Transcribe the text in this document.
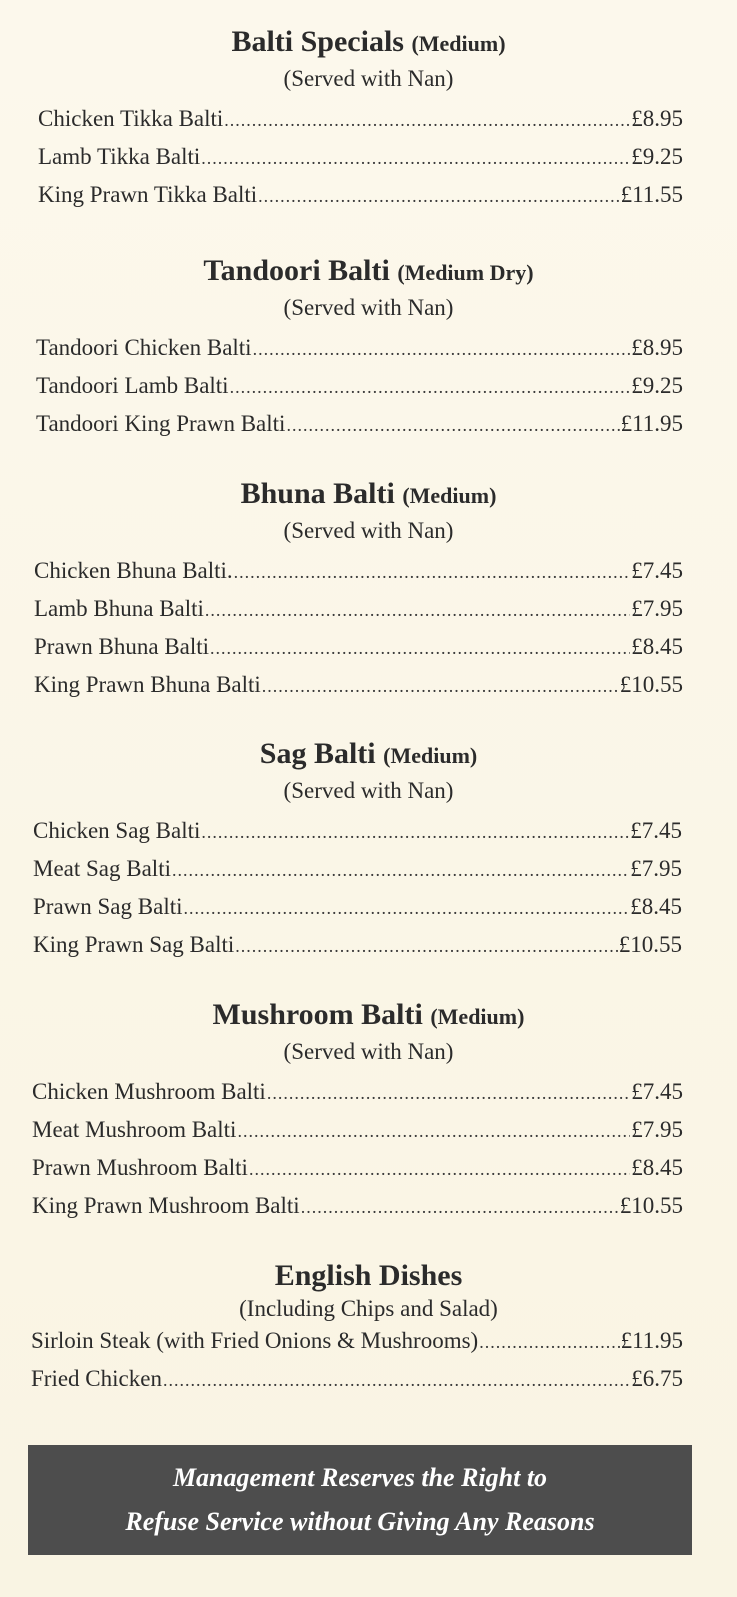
Balti Specials (Medium)
(Served with Nan)
Chicken Tikka Balti .....	£8.95
Lamb Tikka Balti .....	£9.25
King Prawn Tikka Balti .....	£11.55
Tandoori Balti (Medium Dry)
(Served with Nan)
Tandoori Chicken Balti .....	£8.95
Tandoori Lamb Balti .....	£9.25
Tandoori King Prawn Balti .....	£11.95
Bhuna Balti (Medium)
(Served with Nan)
Chicken Bhuna Balti. .....	£7.45
Lamb Bhuna Balti .....	£7.95
Prawn Bhuna Balti .....	£8.45
King Prawn Bhuna Balti .....	£10.55
Sag Balti (Medium)
(Served with Nan)
Chicken Sag Balti .....	£7.45
Meat Sag Balti .....	£7.95
Prawn Sag Balti .....	£8.45
King Prawn Sag Balti .....	£10.55
Mushroom Balti (Medium)
(Served with Nan)
Chicken Mushroom Balti .....	£7.45
Meat Mushroom Balti .....	£7.95
Prawn Mushroom Balti .....	£8.45
King Prawn Mushroom Balti .....	£10.55
English Dishes
(Including Chips and Salad)
Sirloin Steak (with Fried Onions & Mushrooms) .....	£11.95
Fried Chicken .....	£6.75
Management Reserves the Right to
Refuse Service without Giving Any Reasons
